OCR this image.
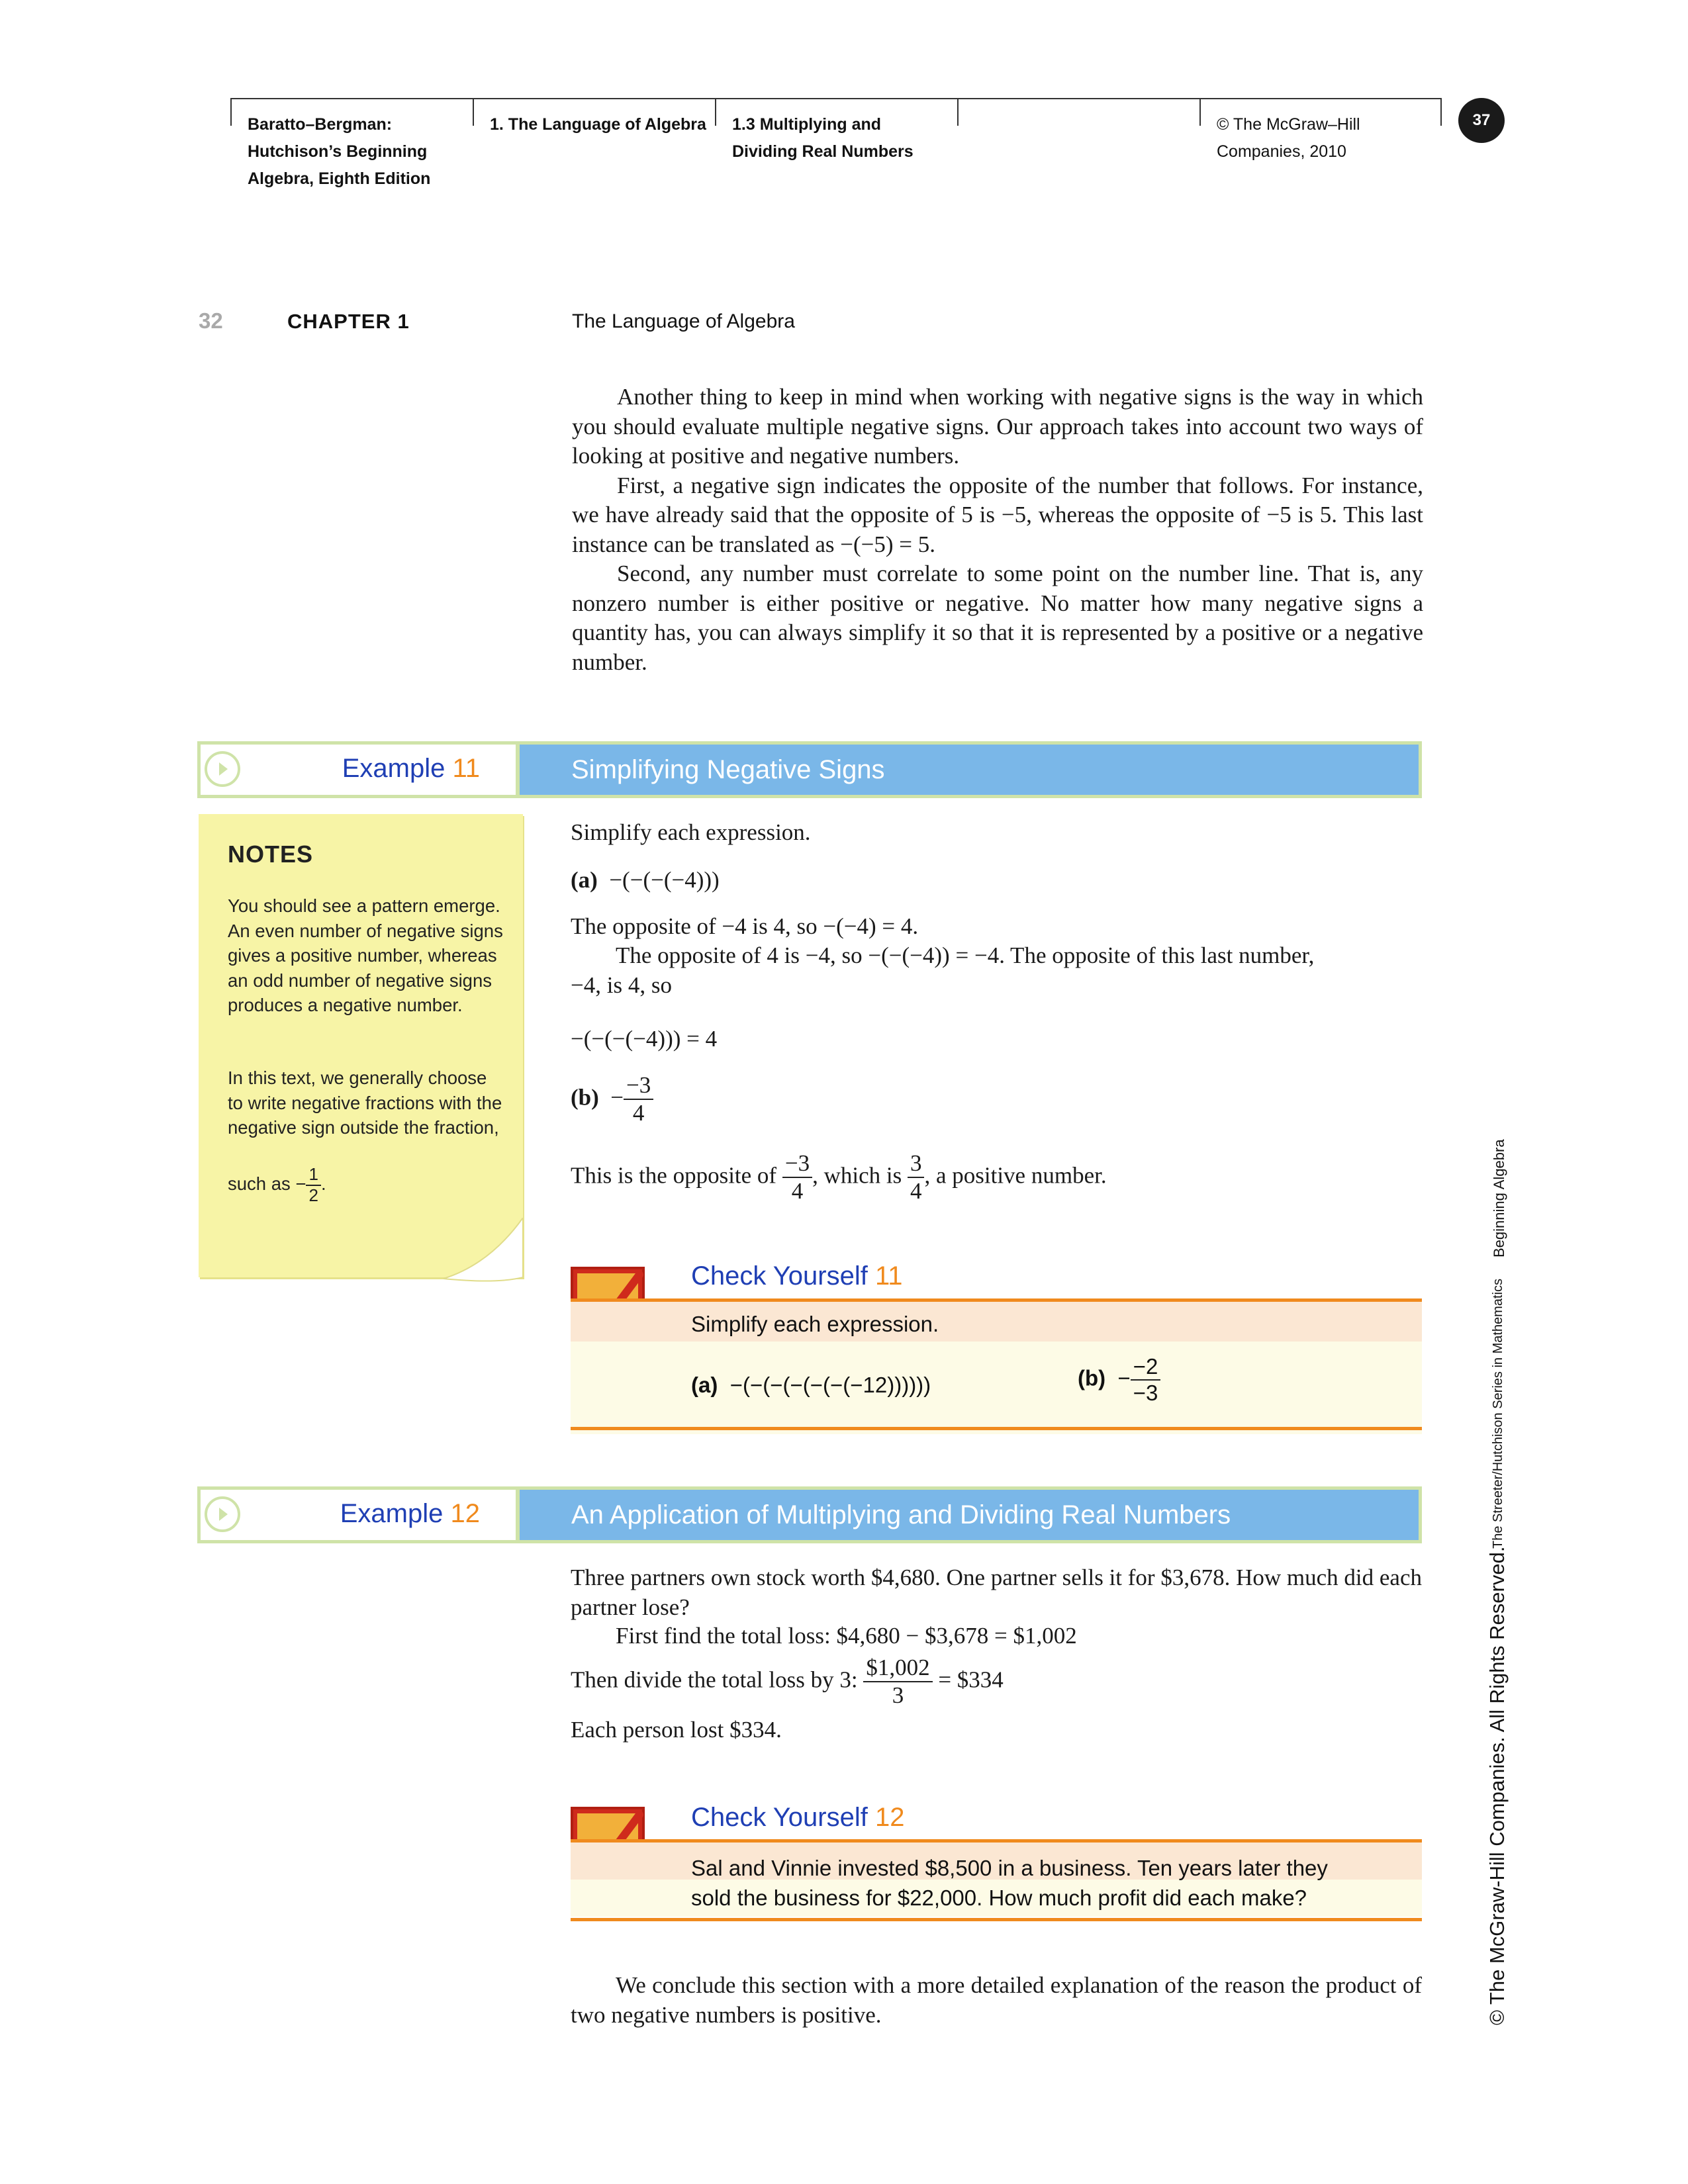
Baratto–Bergman:
Hutchison’s Beginning
Algebra, Eighth Edition
1. The Language of Algebra 1.3 Multiplying and
Dividing Real Numbers
© The McGraw–Hill
Companies, 2010
37
32	CHAPTER 1	The Language of Algebra

Another thing to keep in mind when working with negative signs is the way in which you should evaluate multiple negative signs. Our approach takes into account two ways of looking at positive and negative numbers.

First, a negative sign indicates the opposite of the number that follows. For instance, we have already said that the opposite of 5 is −5, whereas the opposite of −5 is 5. This last instance can be translated as −(−5) = 5.

Second, any number must correlate to some point on the number line. That is, any nonzero number is either positive or negative. No matter how many negative signs a quantity has, you can always simplify it so that it is represented by a positive or a negative number.

Example 11	Simplifying Negative Signs
NOTES
You should see a pattern emerge. An even number of negative signs gives a positive number, whereas an odd number of negative signs produces a negative number.
In this text, we generally choose to write negative fractions with the negative sign outside the fraction,
such as − $\frac{1}{2}$ .
Simplify each expression.
(a) −(−(−(−4)))
The opposite of −4 is 4, so −(−4) = 4.
The opposite of 4 is −4, so −(−(−4)) = −4. The opposite of this last number,
−4, is 4, so
−(−(−(−4))) = 4
$(b) - \frac{-3}{4}$
This is the opposite of $\frac{-3}{4}$ , which is $\frac{3}{4}$ , a positive number.
Check Yourself 11
Simplify each expression.
(a) −(−(−(−(−(−(−12))))))	$(b) - \frac{-2}{-3}$
Example 12	An Application of Multiplying and Dividing Real Numbers
Three partners own stock worth $4,680. One partner sells it for $3,678. How much did each partner lose?
First find the total loss: $4,680 − $3,678 = $1,002
Then divide the total loss by 3: $\frac{\$1,002}{3}$ = $334
Each person lost $334.
Check Yourself 12
Sal and Vinnie invested $8,500 in a business. Ten years later they
sold the business for $22,000. How much profit did each make?

We conclude this section with a more detailed explanation of the reason the product of two negative numbers is positive.

Beginning Algebra
The Streeter/Hutchison Series in Mathematics
© The McGraw-Hill Companies. All Rights Reserved.
